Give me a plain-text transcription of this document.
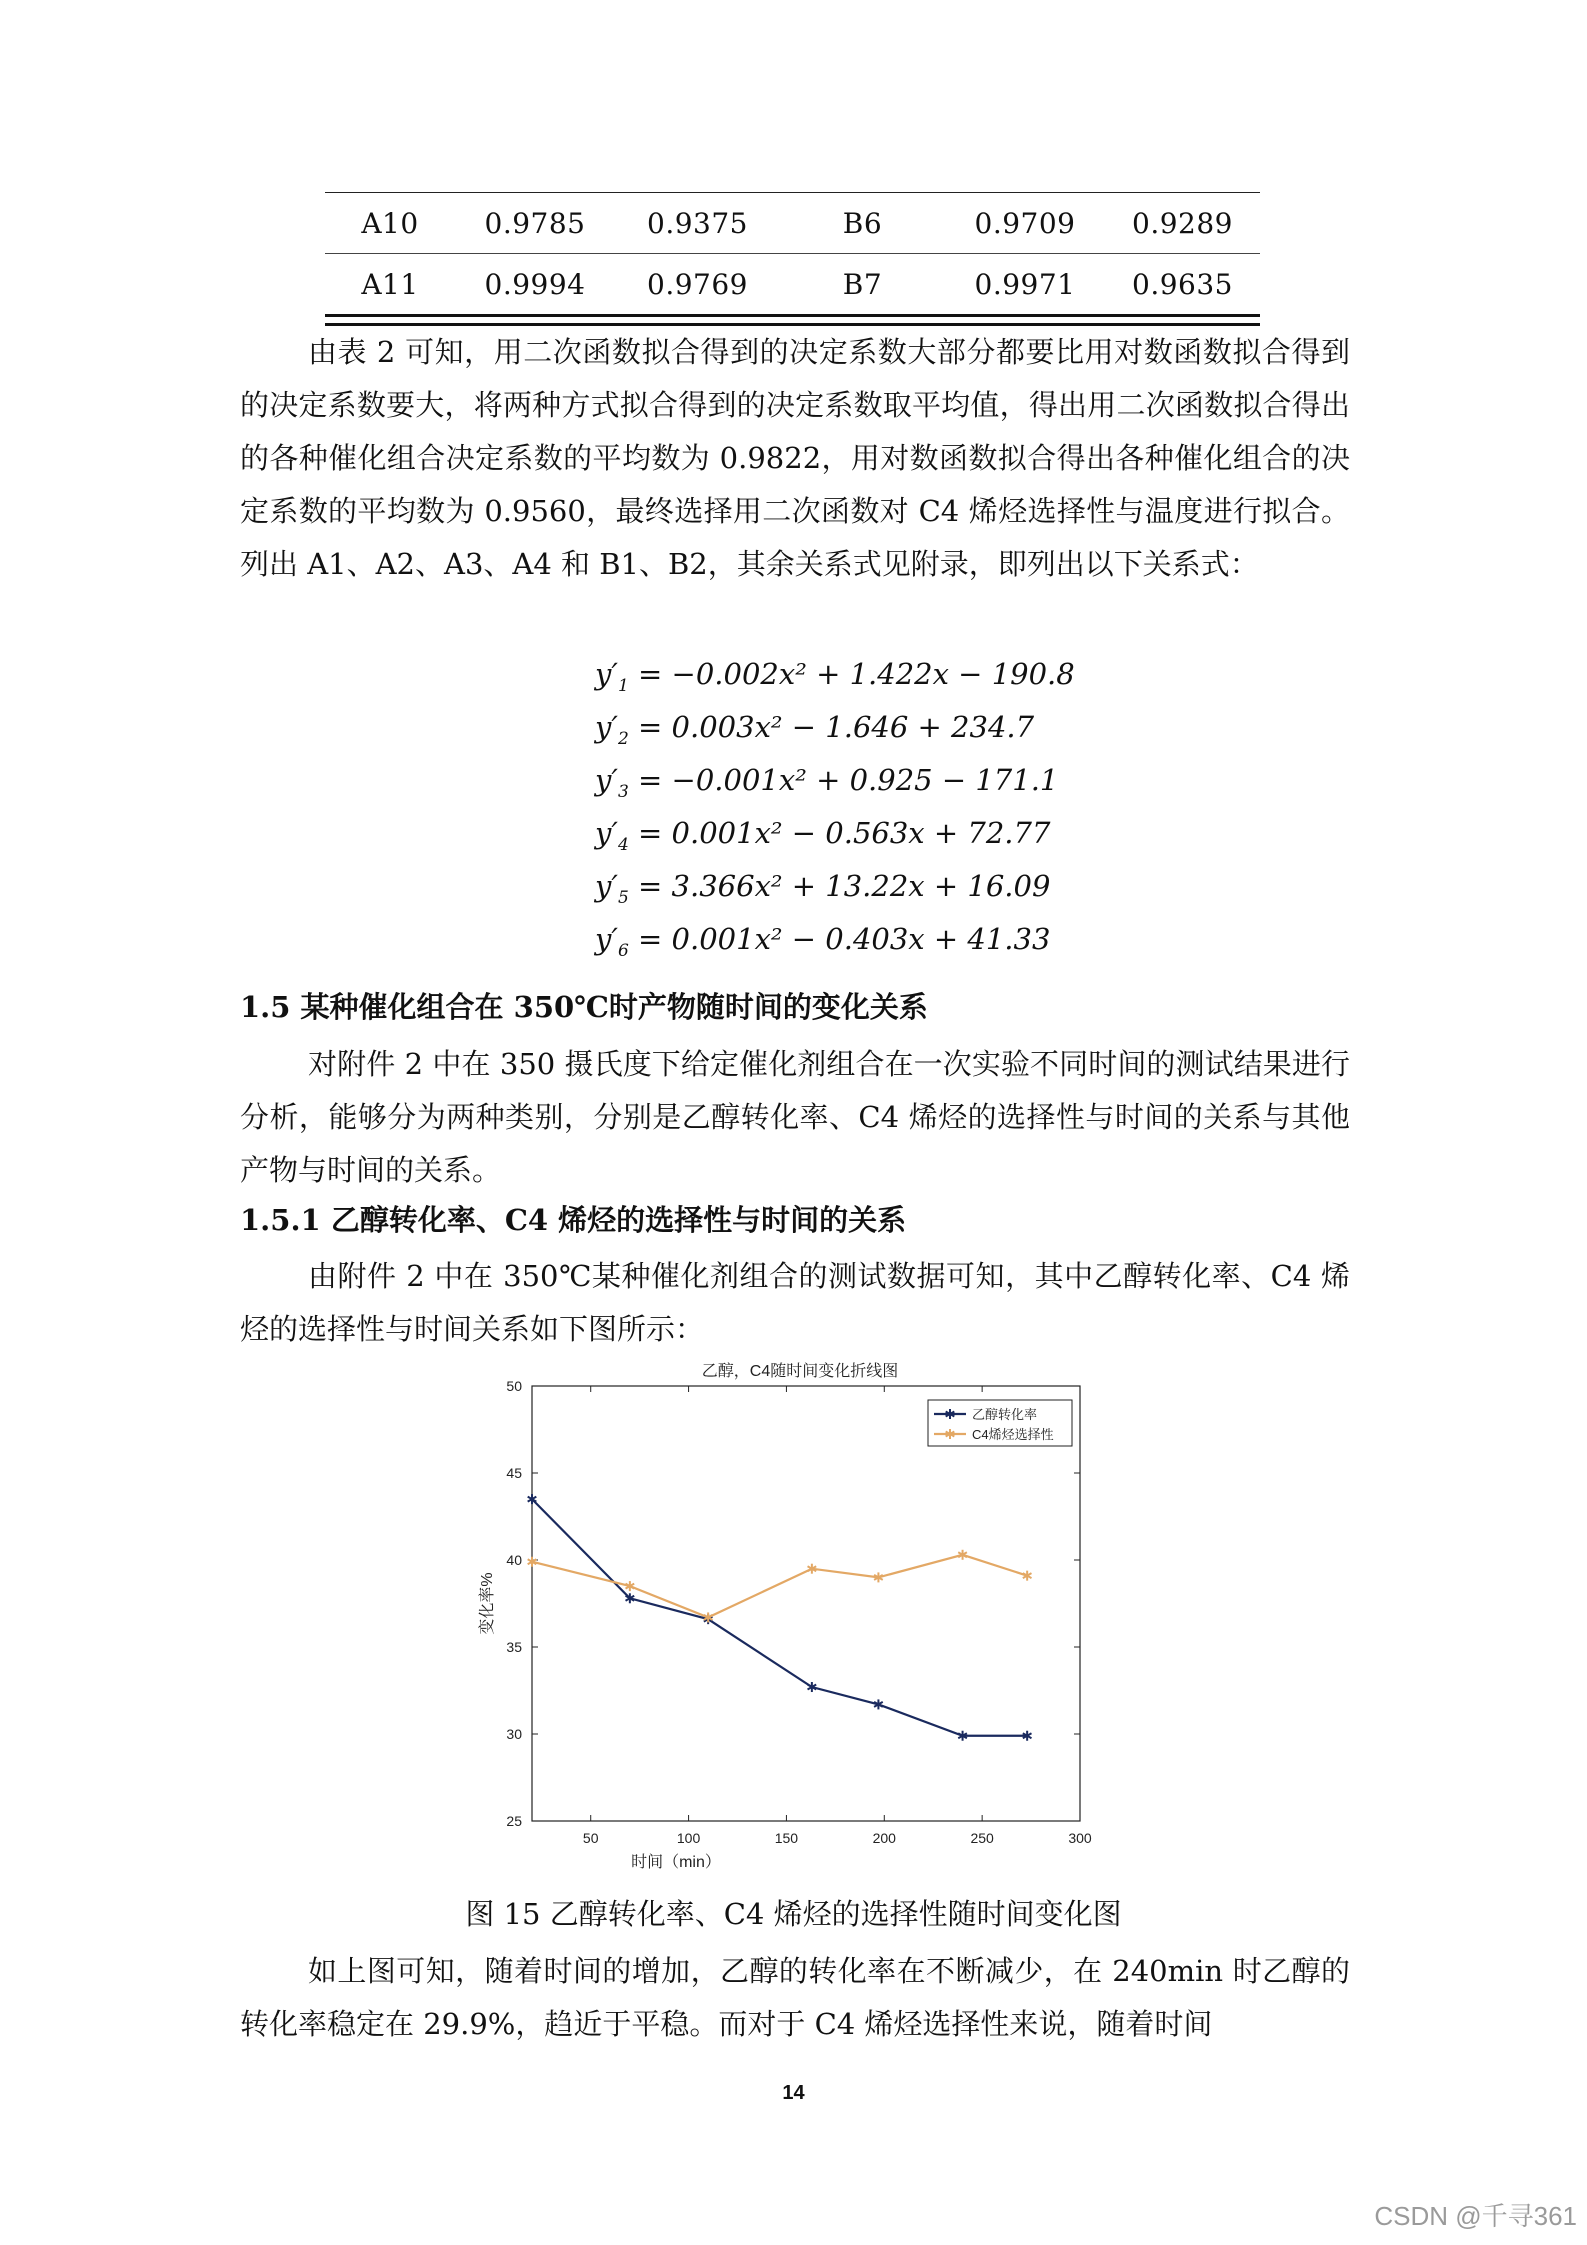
A10	0.9785	0.9375	B6	0.9709	0.9289
A11	0.9994	0.9769	B7	0.9971	0.9635

由表 2 可知，用二次函数拟合得到的决定系数大部分都要比用对数函数拟合得到的决定系数要大，将两种方式拟合得到的决定系数取平均值，得出用二次函数拟合得出的各种催化组合决定系数的平均数为 0.9822，用对数函数拟合得出各种催化组合的决定系数的平均数为 0.9560，最终选择用二次函数对 C4 烯烃选择性与温度进行拟合。列出 A1、A2、A3、A4 和 B1、B2，其余关系式见附录，即列出以下关系式：

$y'_1 = -0.002x^2 + 1.422x - 190.8$
$y'_2 = 0.003x^2 - 1.646 + 234.7$
$y'_3 = -0.001x^2 + 0.925 - 171.1$
$y'_4 = 0.001x^2 - 0.563x + 72.77$
$y'_5 = 3.366x^2 + 13.22x + 16.09$
$y'_6 = 0.001x^2 - 0.403x + 41.33$
1.5 某种催化组合在 350℃时产物随时间的变化关系

对附件 2 中在 350 摄氏度下给定催化剂组合在一次实验不同时间的测试结果进行分析，能够分为两种类别，分别是乙醇转化率、C4 烯烃的选择性与时间的关系与其他产物与时间的关系。

1.5.1 乙醇转化率、C4 烯烃的选择性与时间的关系

由附件 2 中在 350℃某种催化剂组合的测试数据可知，其中乙醇转化率、C4 烯烃的选择性与时间关系如下图所示：

乙醇，C4随时间变化折线图
50	100	150	200	250	300
25
30
35
40
45
50
时间（min）
变化率%
乙醇转化率
C4烯烃选择性
图 15 乙醇转化率、C4 烯烃的选择性随时间变化图

如上图可知，随着时间的增加，乙醇的转化率在不断减少，在 240min 时乙醇的转化率稳定在 29.9%，趋近于平稳。而对于 C4 烯烃选择性来说，随着时间

14
CSDN @千寻361
